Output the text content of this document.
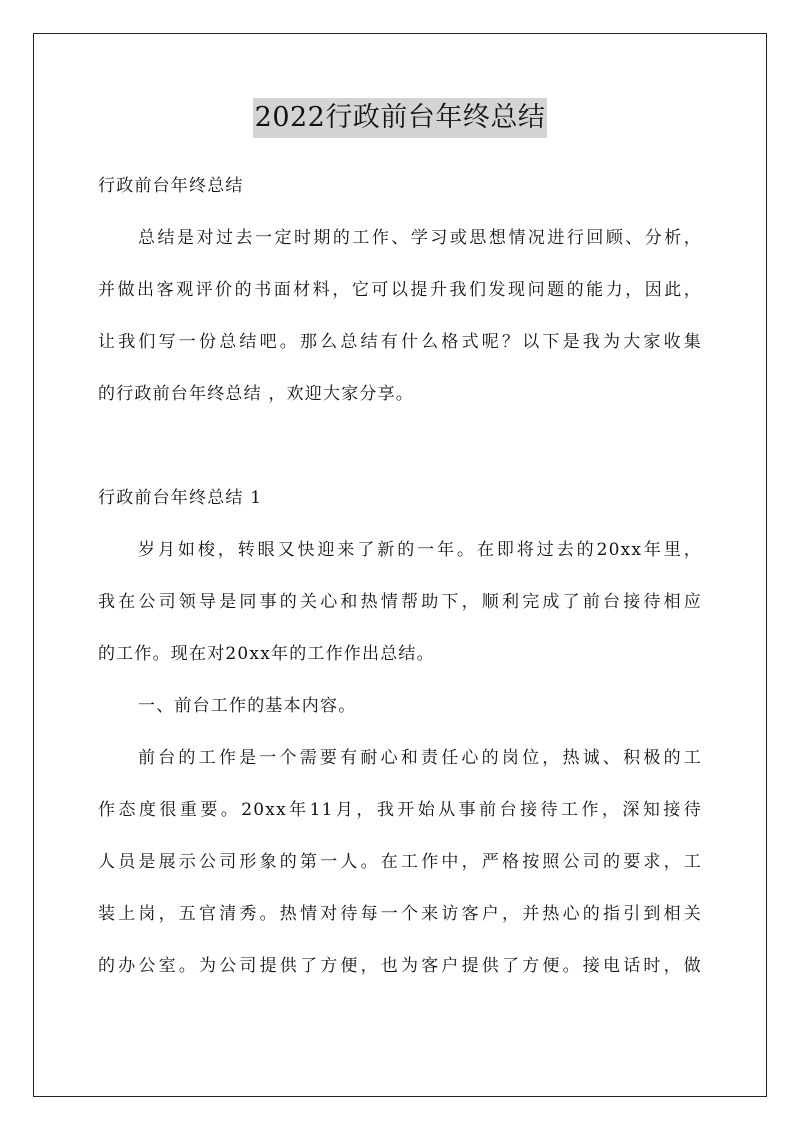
2022行政前台年终总结
行政前台年终总结
总结是对过去一定时期的工作、学习或思想情况进行回顾、分析，
并做出客观评价的书面材料，它可以提升我们发现问题的能力，因此，
让我们写一份总结吧。那么总结有什么格式呢？以下是我为大家收集
的行政前台年终总结 ，欢迎大家分享。
行政前台年终总结 1
岁月如梭，转眼又快迎来了新的一年。在即将过去的20xx年里，
我在公司领导是同事的关心和热情帮助下，顺利完成了前台接待相应
的工作。现在对20xx年的工作作出总结。
一、前台工作的基本内容。
前台的工作是一个需要有耐心和责任心的岗位，热诚、积极的工
作态度很重要。20xx年11月，我开始从事前台接待工作，深知接待
人员是展示公司形象的第一人。在工作中，严格按照公司的要求，工
装上岗，五官清秀。热情对待每一个来访客户，并热心的指引到相关
的办公室。为公司提供了方便，也为客户提供了方便。接电话时，做
